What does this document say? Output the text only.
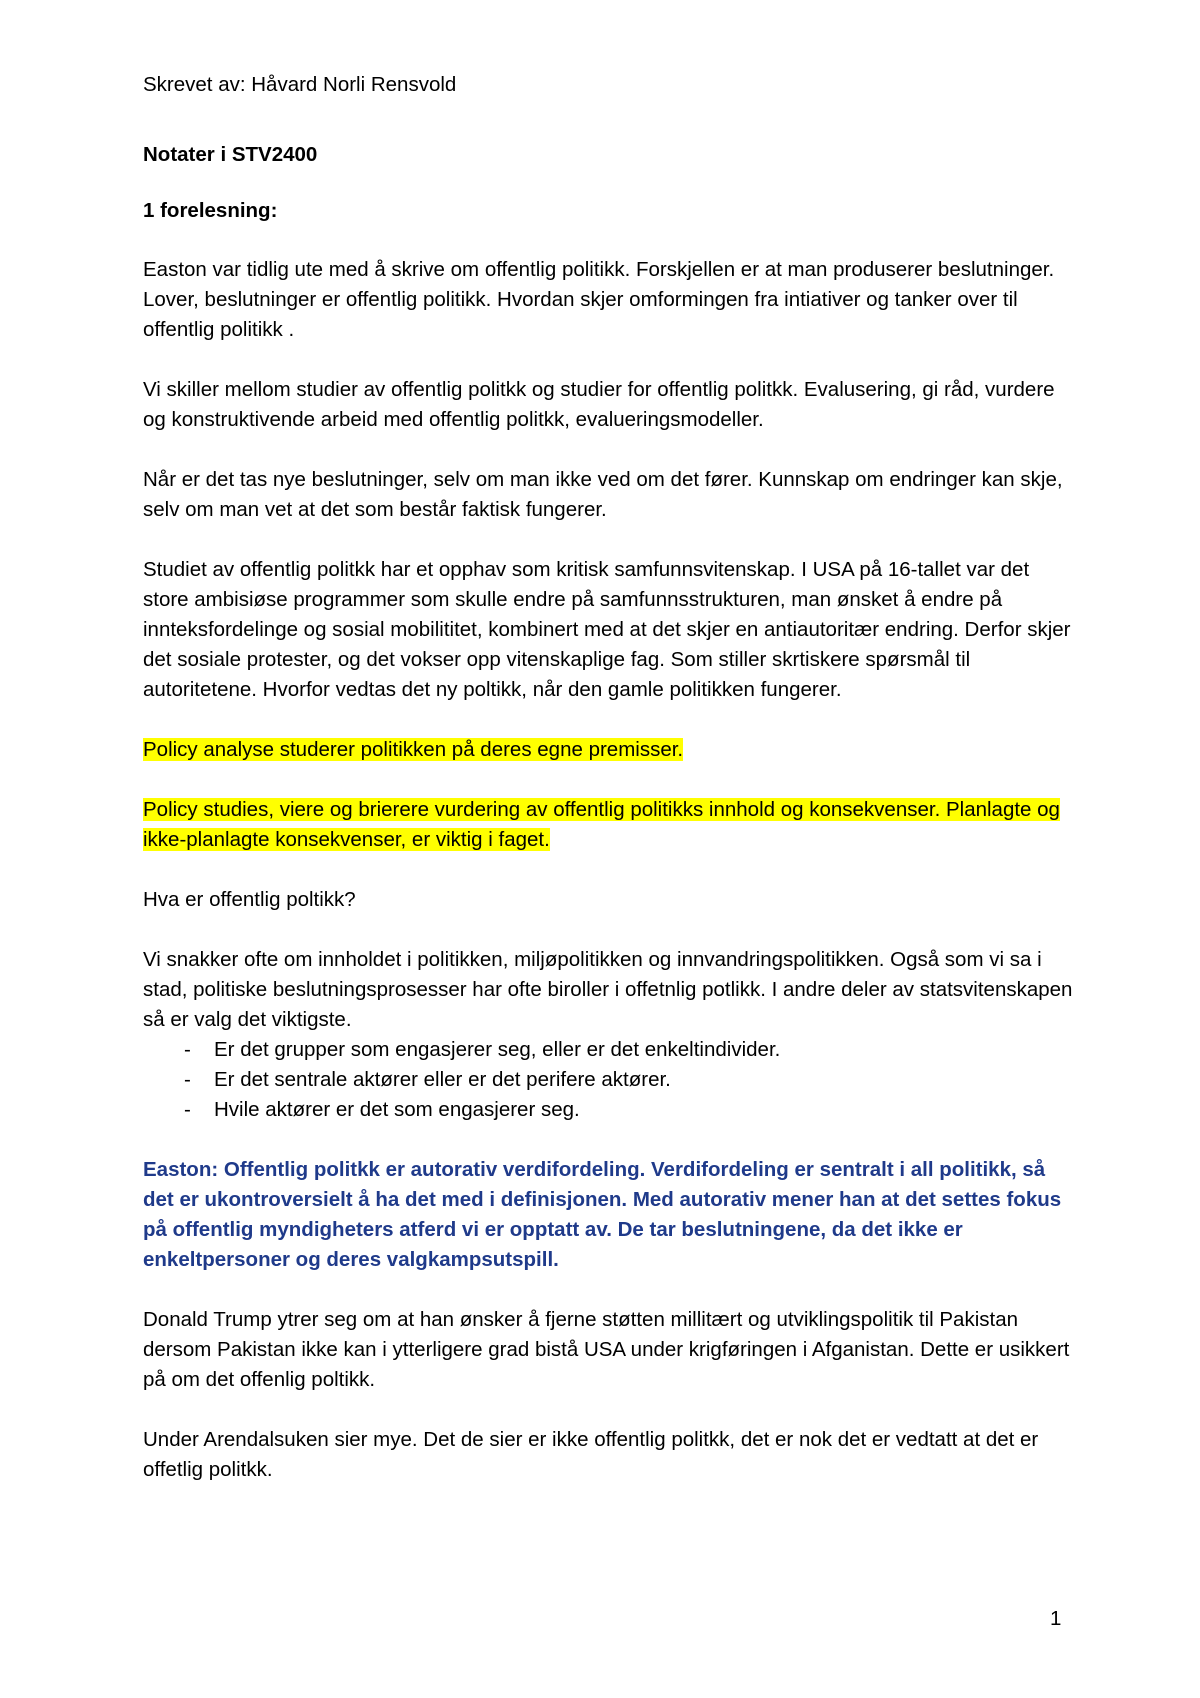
Skrevet av: Håvard Norli Rensvold
Notater i STV2400
1 forelesning:

Easton var tidlig ute med å skrive om offentlig politikk. Forskjellen er at man produserer beslutninger. Lover, beslutninger er offentlig politikk. Hvordan skjer omformingen fra intiativer og tanker over til offentlig politikk .

Vi skiller mellom studier av offentlig politkk og studier for offentlig politkk. Evalusering, gi råd, vurdere og konstruktivende arbeid med offentlig politkk, evalueringsmodeller.

Når er det tas nye beslutninger, selv om man ikke ved om det fører. Kunnskap om endringer kan skje, selv om man vet at det som består faktisk fungerer.

Studiet av offentlig politkk har et opphav som kritisk samfunnsvitenskap. I USA på 16-tallet var det store ambisiøse programmer som skulle endre på samfunnsstrukturen, man ønsket å endre på innteksfordelinge og sosial mobilititet, kombinert med at det skjer en antiautoritær endring. Derfor skjer det sosiale protester, og det vokser opp vitenskaplige fag. Som stiller skrtiskere spørsmål til autoritetene. Hvorfor vedtas det ny poltikk, når den gamle politikken fungerer.

Policy analyse studerer politikken på deres egne premisser.

Policy studies, viere og brierere vurdering av offentlig politikks innhold og konsekvenser. Planlagte og ikke-planlagte konsekvenser, er viktig i faget.

Hva er offentlig poltikk?

Vi snakker ofte om innholdet i politikken, miljøpolitikken og innvandringspolitikken. Også som vi sa i stad, politiske beslutningsprosesser har ofte biroller i offetnlig potlikk. I andre deler av statsvitenskapen så er valg det viktigste.

- Er det grupper som engasjerer seg, eller er det enkeltindivider.
- Er det sentrale aktører eller er det perifere aktører.
- Hvile aktører er det som engasjerer seg.

Easton: Offentlig politkk er autorativ verdifordeling. Verdifordeling er sentralt i all politikk, så det er ukontroversielt å ha det med i definisjonen. Med autorativ mener han at det settes fokus på offentlig myndigheters atferd vi er opptatt av. De tar beslutningene, da det ikke er enkeltpersoner og deres valgkampsutspill.

Donald Trump ytrer seg om at han ønsker å fjerne støtten millitært og utviklingspolitik til Pakistan dersom Pakistan ikke kan i ytterligere grad bistå USA under krigføringen i Afganistan. Dette er usikkert på om det offenlig poltikk.

Under Arendalsuken sier mye. Det de sier er ikke offentlig politkk, det er nok det er vedtatt at det er offetlig politkk.

1
